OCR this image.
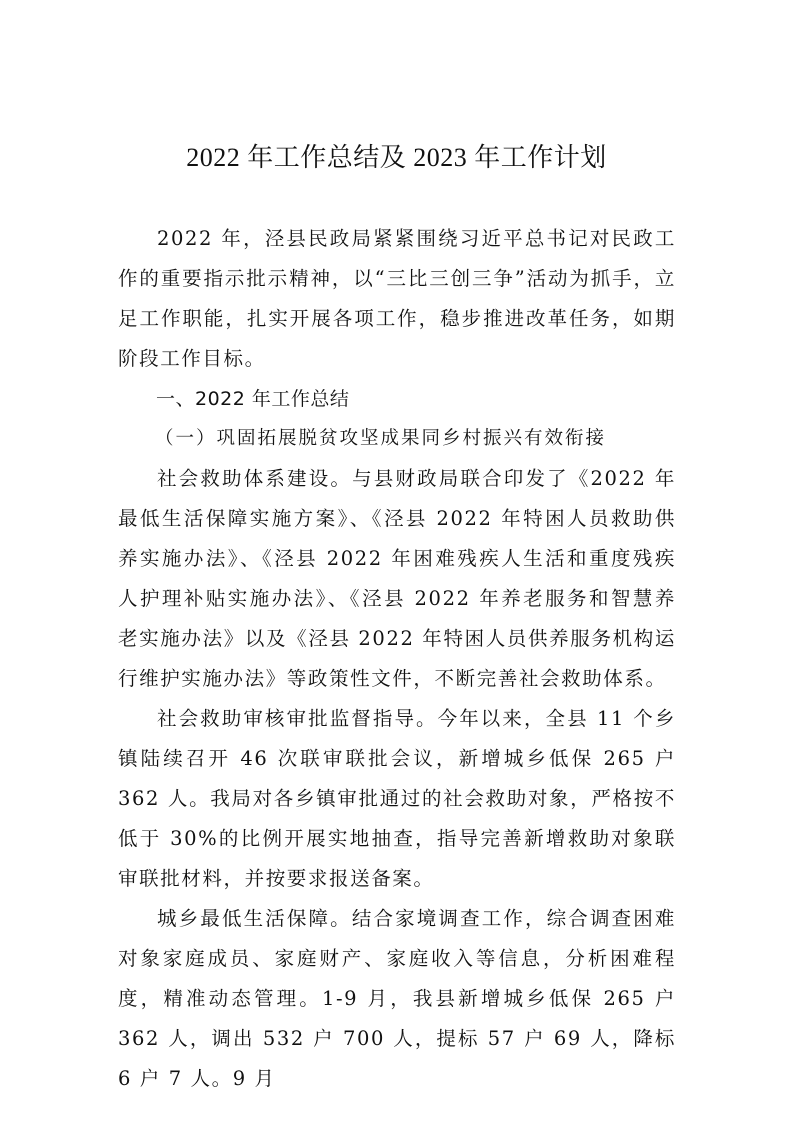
2022 年工作总结及 2023 年工作计划

2022 年，泾县民政局紧紧围绕习近平总书记对民政工作的重要指示批示精神，以“三比三创三争”活动为抓手，立足工作职能，扎实开展各项工作，稳步推进改革任务，如期阶段工作目标。

一、2022 年工作总结

（一）巩固拓展脱贫攻坚成果同乡村振兴有效衔接

社会救助体系建设。与县财政局联合印发了《2022 年最低生活保障实施方案》、《泾县 2022 年特困人员救助供养实施办法》、《泾县 2022 年困难残疾人生活和重度残疾人护理补贴实施办法》、《泾县 2022 年养老服务和智慧养老实施办法》以及《泾县 2022 年特困人员供养服务机构运行维护实施办法》等政策性文件，不断完善社会救助体系。

社会救助审核审批监督指导。今年以来，全县 11 个乡镇陆续召开 46 次联审联批会议，新增城乡低保 265 户 362 人。我局对各乡镇审批通过的社会救助对象，严格按不低于 30%的比例开展实地抽查，指导完善新增救助对象联审联批材料，并按要求报送备案。

城乡最低生活保障。结合家境调查工作，综合调查困难对象家庭成员、家庭财产、家庭收入等信息，分析困难程度，精准动态管理。1-9 月，我县新增城乡低保 265 户 362 人，调出 532 户 700 人，提标 57 户 69 人，降标 6 户 7 人。9 月
